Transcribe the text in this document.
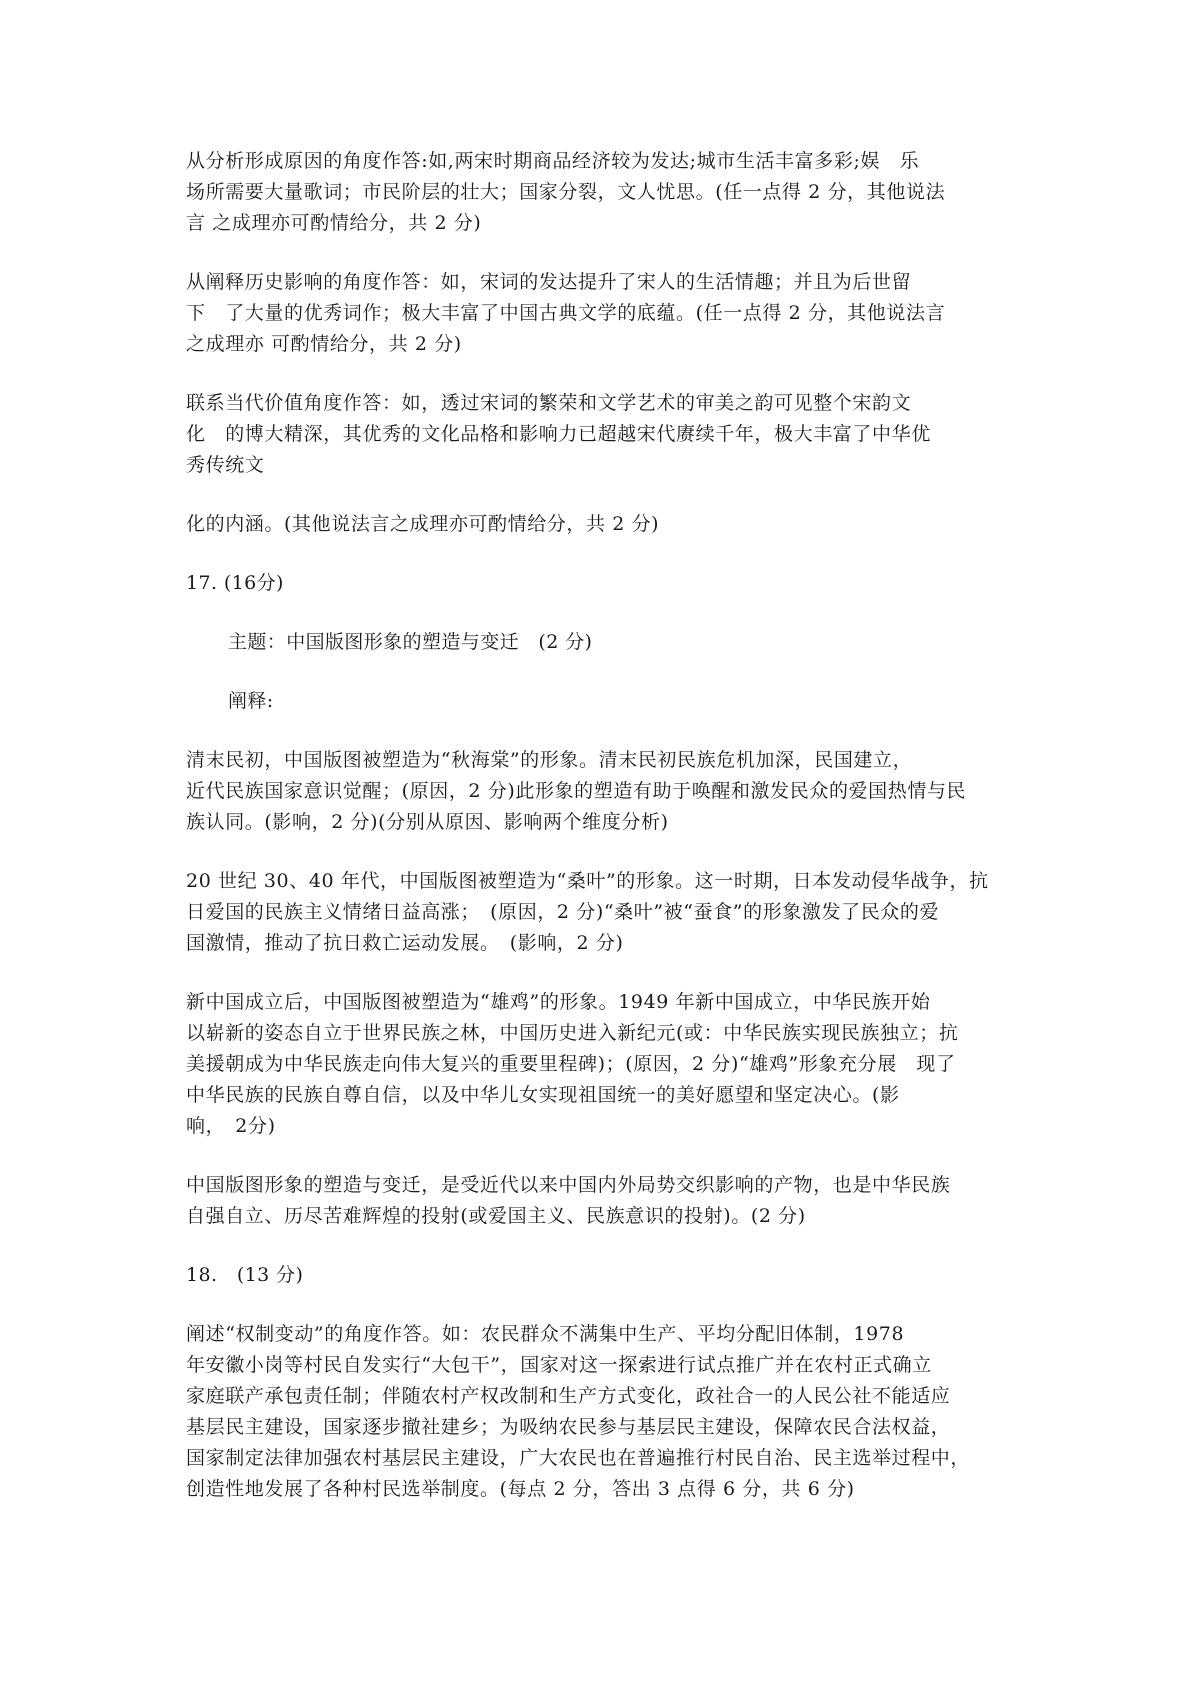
从分析形成原因的角度作答:如,两宋时期商品经济较为发达;城市生活丰富多彩;娱　乐
场所需要大量歌词；市民阶层的壮大；国家分裂，文人忧思。(任一点得 2 分，其他说法
言 之成理亦可酌情给分，共 2 分)
从阐释历史影响的角度作答：如，宋词的发达提升了宋人的生活情趣；并且为后世留
下　了大量的优秀词作；极大丰富了中国古典文学的底蕴。(任一点得 2 分，其他说法言
之成理亦 可酌情给分，共 2 分)
联系当代价值角度作答：如，透过宋词的繁荣和文学艺术的审美之韵可见整个宋韵文
化　的博大精深，其优秀的文化品格和影响力已超越宋代赓续千年，极大丰富了中华优
秀传统文
化的内涵。(其他说法言之成理亦可酌情给分，共 2 分)
17. (16分)
主题：中国版图形象的塑造与变迁　(2 分)
阐释:
清末民初，中国版图被塑造为“秋海棠”的形象。清末民初民族危机加深，民国建立，
近代民族国家意识觉醒；(原因，2 分)此形象的塑造有助于唤醒和激发民众的爱国热情与民
族认同。(影响，2 分)(分别从原因、影响两个维度分析)
20 世纪 30、40 年代，中国版图被塑造为“桑叶”的形象。这一时期，日本发动侵华战争，抗
日爱国的民族主义情绪日益高涨；　(原因，2 分)“桑叶”被“蚕食”的形象激发了民众的爱
国激情，推动了抗日救亡运动发展。　(影响，2 分)
新中国成立后，中国版图被塑造为“雄鸡”的形象。1949 年新中国成立，中华民族开始
以崭新的姿态自立于世界民族之林，中国历史进入新纪元(或：中华民族实现民族独立；抗
美援朝成为中华民族走向伟大复兴的重要里程碑)；(原因，2 分)“雄鸡”形象充分展　现了
中华民族的民族自尊自信，以及中华儿女实现祖国统一的美好愿望和坚定决心。(影
响，　2分)
中国版图形象的塑造与变迁，是受近代以来中国内外局势交织影响的产物，也是中华民族
自强自立、历尽苦难辉煌的投射(或爱国主义、民族意识的投射)。(2 分)
18.　(13 分)
阐述“权制变动”的角度作答。如：农民群众不满集中生产、平均分配旧体制，1978
年安徽小岗等村民自发实行“大包干”，国家对这一探索进行试点推广并在农村正式确立
家庭联产承包责任制；伴随农村产权改制和生产方式变化，政社合一的人民公社不能适应
基层民主建设，国家逐步撤社建乡；为吸纳农民参与基层民主建设，保障农民合法权益，
国家制定法律加强农村基层民主建设，广大农民也在普遍推行村民自治、民主选举过程中，
创造性地发展了各种村民选举制度。(每点 2 分，答出 3 点得 6 分，共 6 分)
